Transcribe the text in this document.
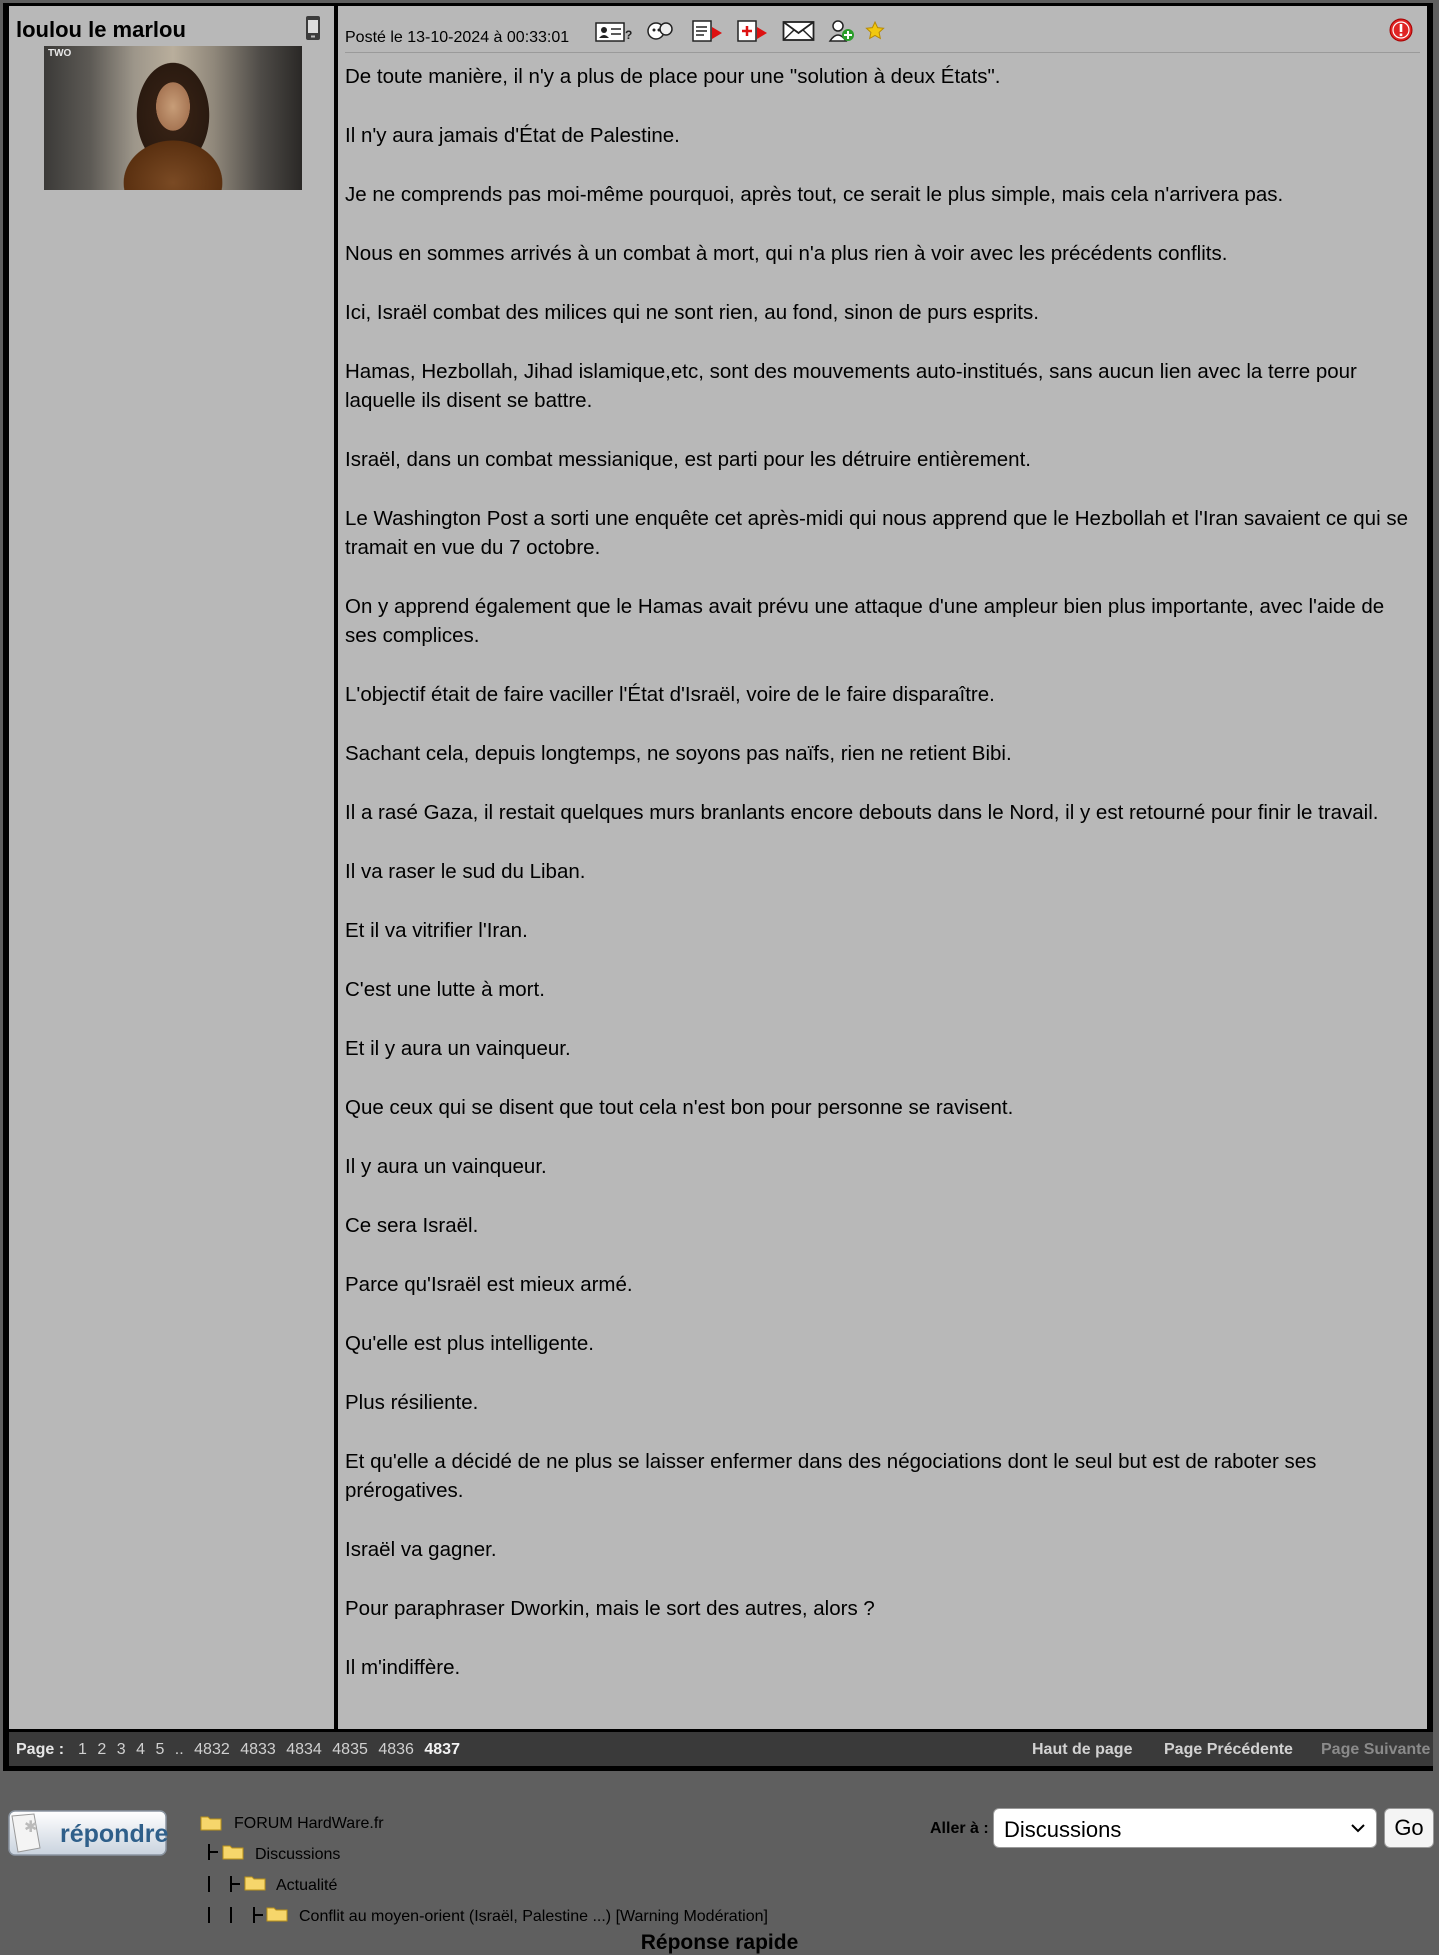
loulou le marlou
TWO
Posté le 13-10-2024 à 00:33:01	?

De toute manière, il n'y a plus de place pour une "solution à deux États".

Il n'y aura jamais d'État de Palestine.

Je ne comprends pas moi-même pourquoi, après tout, ce serait le plus simple, mais cela n'arrivera pas.

Nous en sommes arrivés à un combat à mort, qui n'a plus rien à voir avec les précédents conflits.

Ici, Israël combat des milices qui ne sont rien, au fond, sinon de purs esprits.

Hamas, Hezbollah, Jihad islamique,etc, sont des mouvements auto-institués, sans aucun lien avec la terre pour laquelle ils disent se battre.

Israël, dans un combat messianique, est parti pour les détruire entièrement.

Le Washington Post a sorti une enquête cet après-midi qui nous apprend que le Hezbollah et l'Iran savaient ce qui se tramait en vue du 7 octobre.

On y apprend également que le Hamas avait prévu une attaque d'une ampleur bien plus importante, avec l'aide de ses complices.

L'objectif était de faire vaciller l'État d'Israël, voire de le faire disparaître.

Sachant cela, depuis longtemps, ne soyons pas naïfs, rien ne retient Bibi.

Il a rasé Gaza, il restait quelques murs branlants encore debouts dans le Nord, il y est retourné pour finir le travail.

Il va raser le sud du Liban.

Et il va vitrifier l'Iran.

C'est une lutte à mort.

Et il y aura un vainqueur.

Que ceux qui se disent que tout cela n'est bon pour personne se ravisent.

Il y aura un vainqueur.

Ce sera Israël.

Parce qu'Israël est mieux armé.

Qu'elle est plus intelligente.

Plus résiliente.

Et qu'elle a décidé de ne plus se laisser enfermer dans des négociations dont le seul but est de raboter ses prérogatives.

Israël va gagner.

Pour paraphraser Dworkin, mais le sort des autres, alors ?

Il m'indiffère.

Page : 1 2 3 4 5 .. 4832 4833 4834 4835 4836 4837	Haut de page Page Précédente Page Suivante
✱ répondre	FORUM HardWare.fr
Discussions
Actualité
Conflit au moyen-orient (Israël, Palestine ...) [Warning Modération]
Aller à : Discussions	Go
Réponse rapide
